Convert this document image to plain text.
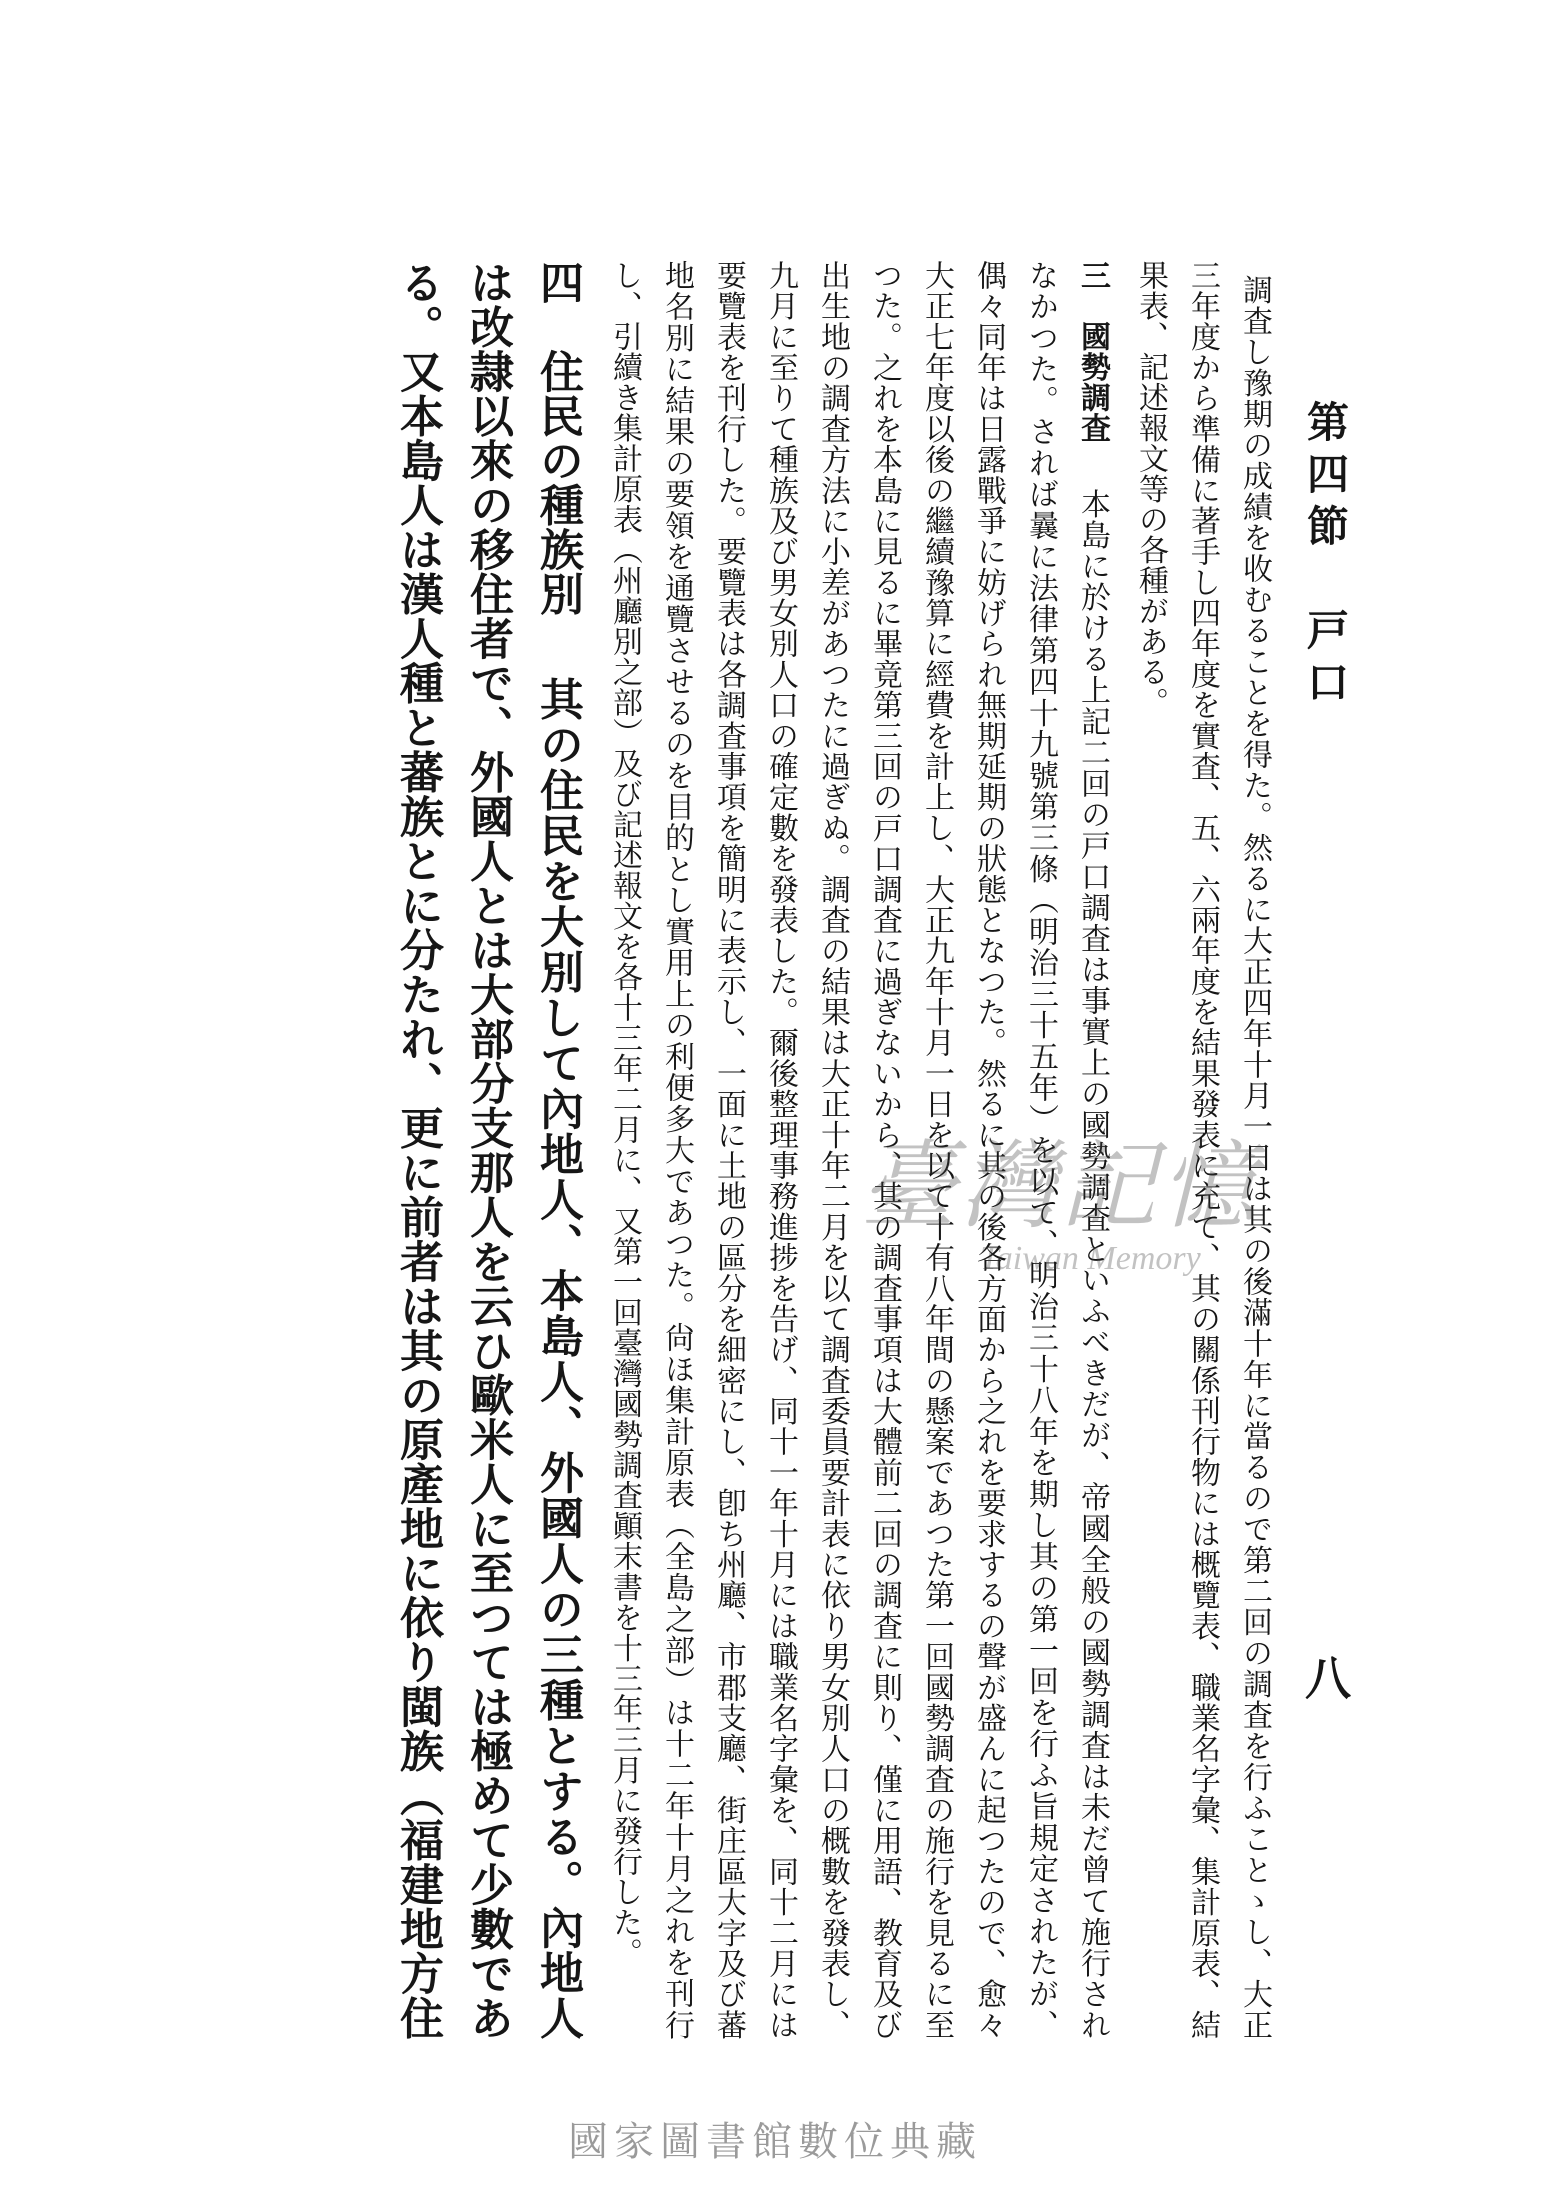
第四節　戸口
八

調査し豫期の成績を收むることを得た。然るに大正四年十月一日は其の後滿十年に當るので第二回の調査を行ふことゝし、大正三年度から準備に著手し四年度を實査、五、六兩年度を結果發表に充て、其の關係刊行物には概覽表、職業名字彙、集計原表、結果表、記述報文等の各種がある。

三　國勢調査　本島に於ける上記二回の戸口調査は事實上の國勢調査といふべきだが、帝國全般の國勢調査は未だ曾て施行されなかつた。されば曩に法律第四十九號第三條（明治三十五年）を以て、明治三十八年を期し其の第一回を行ふ旨規定されたが、偶々同年は日露戰爭に妨げられ無期延期の狀態となつた。然るに其の後各方面から之れを要求するの聲が盛んに起つたので、愈々大正七年度以後の繼續豫算に經費を計上し、大正九年十月一日を以て十有八年間の懸案であつた第一回國勢調査の施行を見るに至つた。之れを本島に見るに畢竟第三回の戸口調査に過ぎないから、其の調査事項は大體前二回の調査に則り、僅に用語、教育及び出生地の調査方法に小差があつたに過ぎぬ。調査の結果は大正十年二月を以て調査委員要計表に依り男女別人口の概數を發表し、九月に至りて種族及び男女別人口の確定數を發表した。爾後整理事務進捗を告げ、同十一年十月には職業名字彙を、同十二月には要覽表を刊行した。要覽表は各調査事項を簡明に表示し、一面に土地の區分を細密にし、卽ち州廳、市郡支廳、街庄區大字及び蕃地名別に結果の要領を通覽させるのを目的とし實用上の利便多大であつた。尙ほ集計原表（全島之部）は十二年十月之れを刊行し、引續き集計原表（州廳別之部）及び記述報文を各十三年二月に、又第一回臺灣國勢調査顚末書を十三年三月に發行した。

四　住民の種族別　其の住民を大別して內地人、本島人、外國人の三種とする。內地人は改隷以來の移住者で、外國人とは大部分支那人を云ひ歐米人に至つては極めて少數である。又本島人は漢人種と蕃族とに分たれ、更に前者は其の原產地に依り閩族（福建地方住	臺灣記憶
Taiwan Memory
國家圖書館數位典藏
